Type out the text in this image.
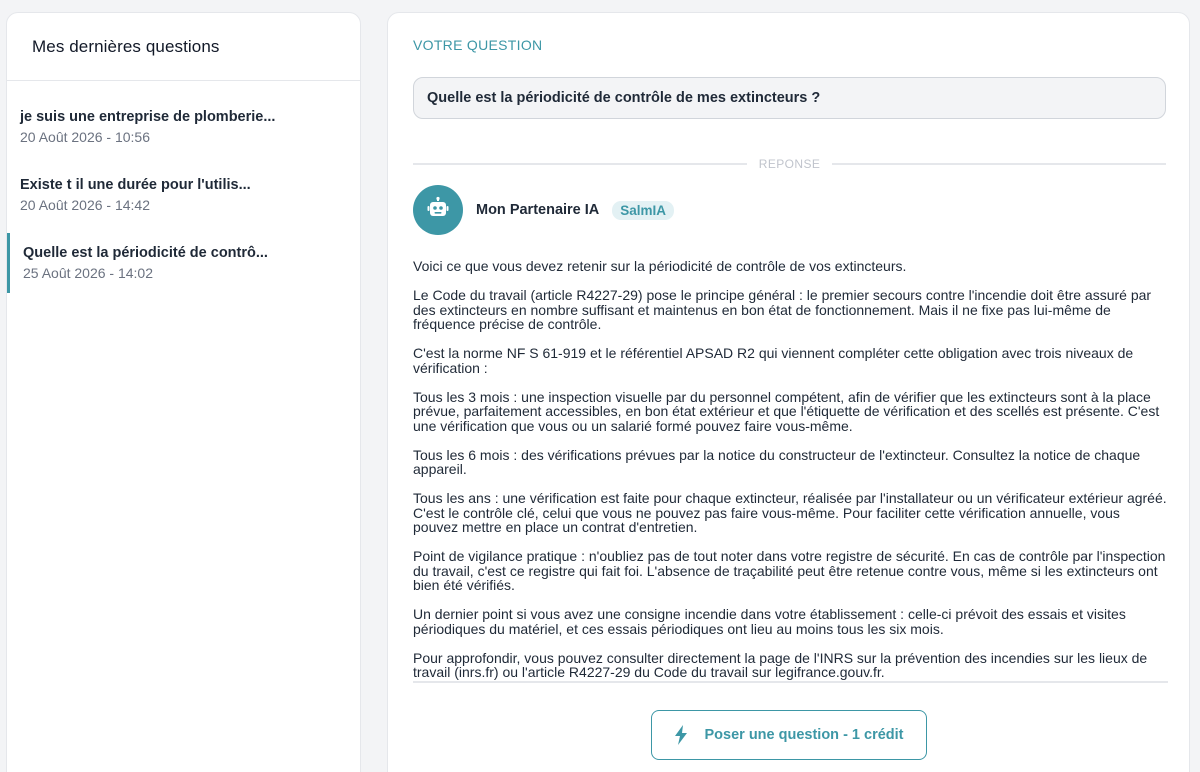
Mes dernières questions
je suis une entreprise de plomberie...
20 Août 2026 - 10:56
Existe t il une durée pour l'utilis...
20 Août 2026 - 14:42
Quelle est la périodicité de contrô...
25 Août 2026 - 14:02
VOTRE QUESTION
Quelle est la périodicité de contrôle de mes extincteurs ?
REPONSE
Mon Partenaire IA	SalmIA

Voici ce que vous devez retenir sur la périodicité de contrôle de vos extincteurs.

Le Code du travail (article R4227-29) pose le principe général : le premier secours contre l'incendie doit être assuré par des extincteurs en nombre suffisant et maintenus en bon état de fonctionnement. Mais il ne fixe pas lui-même de fréquence précise de contrôle.

C'est la norme NF S 61-919 et le référentiel APSAD R2 qui viennent compléter cette obligation avec trois niveaux de vérification :

Tous les 3 mois : une inspection visuelle par du personnel compétent, afin de vérifier que les extincteurs sont à la place prévue, parfaitement accessibles, en bon état extérieur et que l'étiquette de vérification et des scellés est présente. C'est une vérification que vous ou un salarié formé pouvez faire vous-même.

Tous les 6 mois : des vérifications prévues par la notice du constructeur de l'extincteur. Consultez la notice de chaque appareil.

Tous les ans : une vérification est faite pour chaque extincteur, réalisée par l'installateur ou un vérificateur extérieur agréé. C'est le contrôle clé, celui que vous ne pouvez pas faire vous-même. Pour faciliter cette vérification annuelle, vous pouvez mettre en place un contrat d'entretien.

Point de vigilance pratique : n'oubliez pas de tout noter dans votre registre de sécurité. En cas de contrôle par l'inspection du travail, c'est ce registre qui fait foi. L'absence de traçabilité peut être retenue contre vous, même si les extincteurs ont bien été vérifiés.

Un dernier point si vous avez une consigne incendie dans votre établissement : celle-ci prévoit des essais et visites périodiques du matériel, et ces essais périodiques ont lieu au moins tous les six mois.

Pour approfondir, vous pouvez consulter directement la page de l'INRS sur la prévention des incendies sur les lieux de travail (inrs.fr) ou l'article R4227-29 du Code du travail sur legifrance.gouv.fr.

Poser une question - 1 crédit
